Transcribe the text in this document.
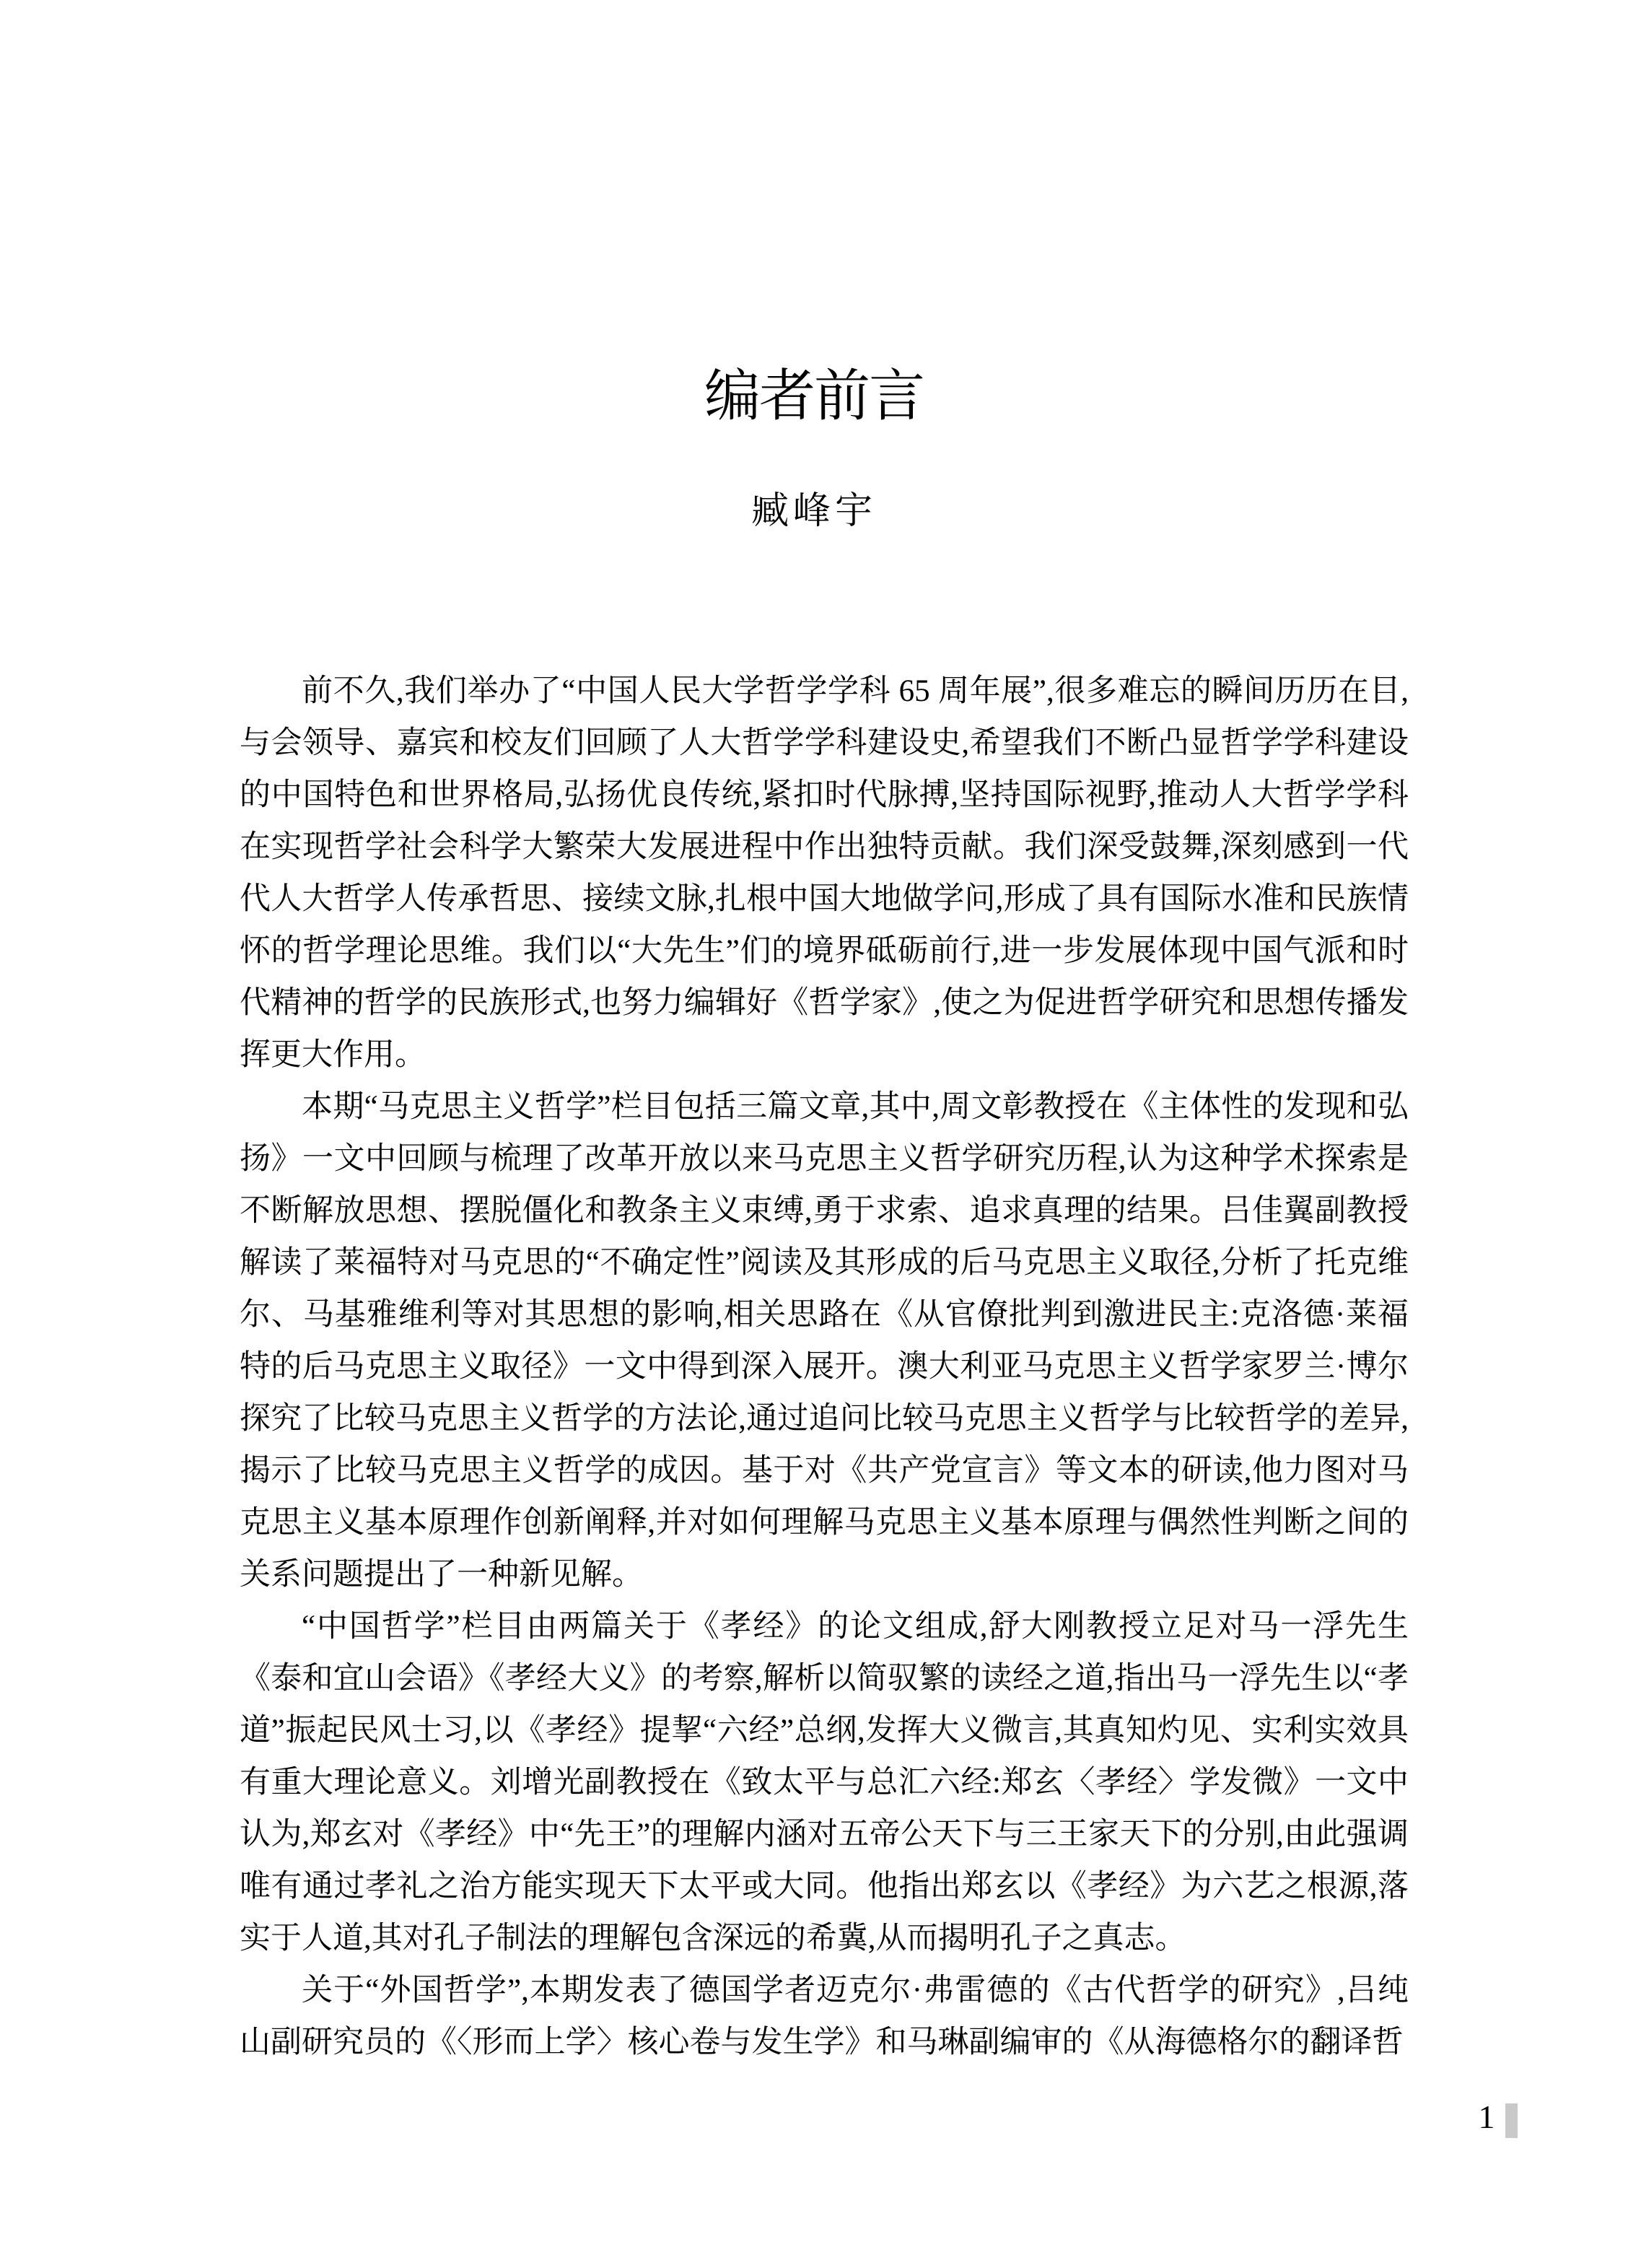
编者前言
臧峰宇

前不久,我们举办了“中国人民大学哲学学科 65 周年展”,很多难忘的瞬间历历在目,与会领导、嘉宾和校友们回顾了人大哲学学科建设史,希望我们不断凸显哲学学科建设的中国特色和世界格局,弘扬优良传统,紧扣时代脉搏,坚持国际视野,推动人大哲学学科在实现哲学社会科学大繁荣大发展进程中作出独特贡献。我们深受鼓舞,深刻感到一代代人大哲学人传承哲思、接续文脉,扎根中国大地做学问,形成了具有国际水准和民族情怀的哲学理论思维。我们以“大先生”们的境界砥砺前行,进一步发展体现中国气派和时代精神的哲学的民族形式,也努力编辑好《哲学家》,使之为促进哲学研究和思想传播发挥更大作用。

本期“马克思主义哲学”栏目包括三篇文章,其中,周文彰教授在《主体性的发现和弘扬》一文中回顾与梳理了改革开放以来马克思主义哲学研究历程,认为这种学术探索是不断解放思想、摆脱僵化和教条主义束缚,勇于求索、追求真理的结果。吕佳翼副教授解读了莱福特对马克思的“不确定性”阅读及其形成的后马克思主义取径,分析了托克维尔、马基雅维利等对其思想的影响,相关思路在《从官僚批判到激进民主:克洛德·莱福特的后马克思主义取径》一文中得到深入展开。澳大利亚马克思主义哲学家罗兰·博尔探究了比较马克思主义哲学的方法论,通过追问比较马克思主义哲学与比较哲学的差异,揭示了比较马克思主义哲学的成因。基于对《共产党宣言》等文本的研读,他力图对马克思主义基本原理作创新阐释,并对如何理解马克思主义基本原理与偶然性判断之间的关系问题提出了一种新见解。

“中国哲学”栏目由两篇关于《孝经》的论文组成,舒大刚教授立足对马一浮先生《泰和宜山会语》《孝经大义》的考察,解析以简驭繁的读经之道,指出马一浮先生以“孝道”振起民风士习,以《孝经》提挈“六经”总纲,发挥大义微言,其真知灼见、实利实效具有重大理论意义。刘增光副教授在《致太平与总汇六经:郑玄〈孝经〉学发微》一文中认为,郑玄对《孝经》中“先王”的理解内涵对五帝公天下与三王家天下的分别,由此强调唯有通过孝礼之治方能实现天下太平或大同。他指出郑玄以《孝经》为六艺之根源,落实于人道,其对孔子制法的理解包含深远的希冀,从而揭明孔子之真志。

关于“外国哲学”,本期发表了德国学者迈克尔·弗雷德的《古代哲学的研究》,吕纯山副研究员的《〈形而上学〉核心卷与发生学》和马琳副编审的《从海德格尔的翻译哲

1
